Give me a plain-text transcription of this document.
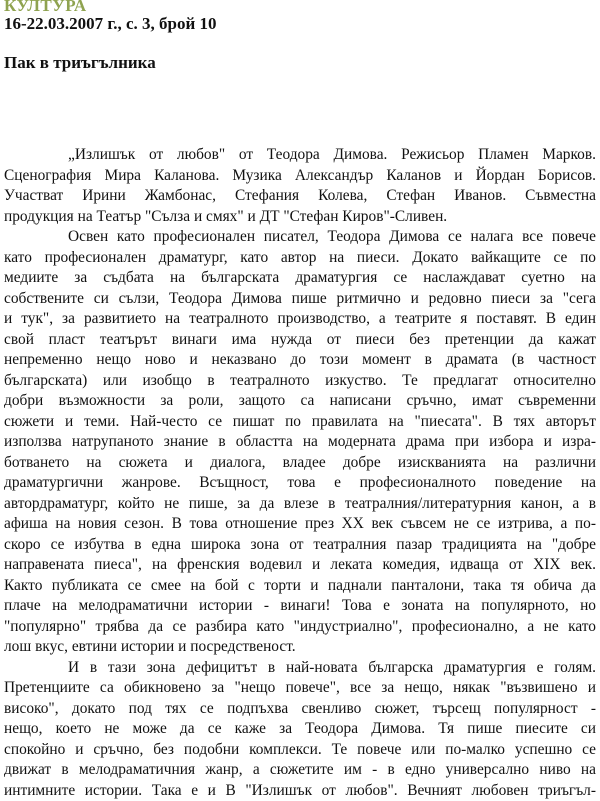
КУЛТУРА
16-22.03.2007 г., с. 3, брой 10
Пак в триъгълника
„Излишък от любов" от Теодора Димова. Режисьор Пламен Марков.
Сценография Мира Каланова. Музика Александър Каланов и Йордан Борисов.
Участват Ирини Жамбонас, Стефания Колева, Стефан Иванов. Съвместна
продукция на Театър "Сълза и смях" и ДТ "Стефан Киров"-Сливен.
Освен като професионален писател, Теодора Димова се налага все повече
като професионален драматург, като автор на пиеси. Докато вайкащите се по
медиите за съдбата на българската драматургия се наслаждават суетно на
собствените си сълзи, Теодора Димова пише ритмично и редовно пиеси за "сега
и тук", за развитието на театралното производство, а театрите я поставят. В един
свой пласт театърът винаги има нужда от пиеси без претенции да кажат
непременно нещо ново и неказвано до този момент в драмата (в частност
българската) или изобщо в театралното изкуство. Те предлагат относително
добри възможности за роли, защото са написани сръчно, имат съвременни
сюжети и теми. Най-често се пишат по правилата на "пиесата". В тях авторът
използва натрупаното знание в областта на модерната драма при избора и изра-
ботването на сюжета и диалога, владее добре изискванията на различни
драматургични жанрове. Всъщност, това е професионалното поведение на
автордраматург, който не пише, за да влезе в театралния/литературния канон, а в
афиша на новия сезон. В това отношение през XX век съвсем не се изтрива, а по-
скоро се избутва в една широка зона от театралния пазар традицията на "добре
направената пиеса", на френския водевил и леката комедия, идваща от XIX век.
Както публиката се смее на бой с торти и паднали панталони, така тя обича да
плаче на мелодраматични истории - винаги! Това е зоната на популярното, но
"популярно" трябва да се разбира като "индустриално", професионално, а не като
лош вкус, евтини истории и посредственост.
И в тази зона дефицитът в най-новата българска драматургия е голям.
Претенциите са обикновено за "нещо повече", все за нещо, някак "възвишено и
високо", докато под тях се подпъхва свенливо сюжет, търсещ популярност -
нещо, което не може да се каже за Теодора Димова. Тя пише пиесите си
спокойно и сръчно, без подобни комплекси. Те повече или по-малко успешно се
движат в мелодраматичния жанр, а сюжетите им - в едно универсално ниво на
интимните истории. Така е и В "Излишък от любов". Вечният любовен триъгъл-
